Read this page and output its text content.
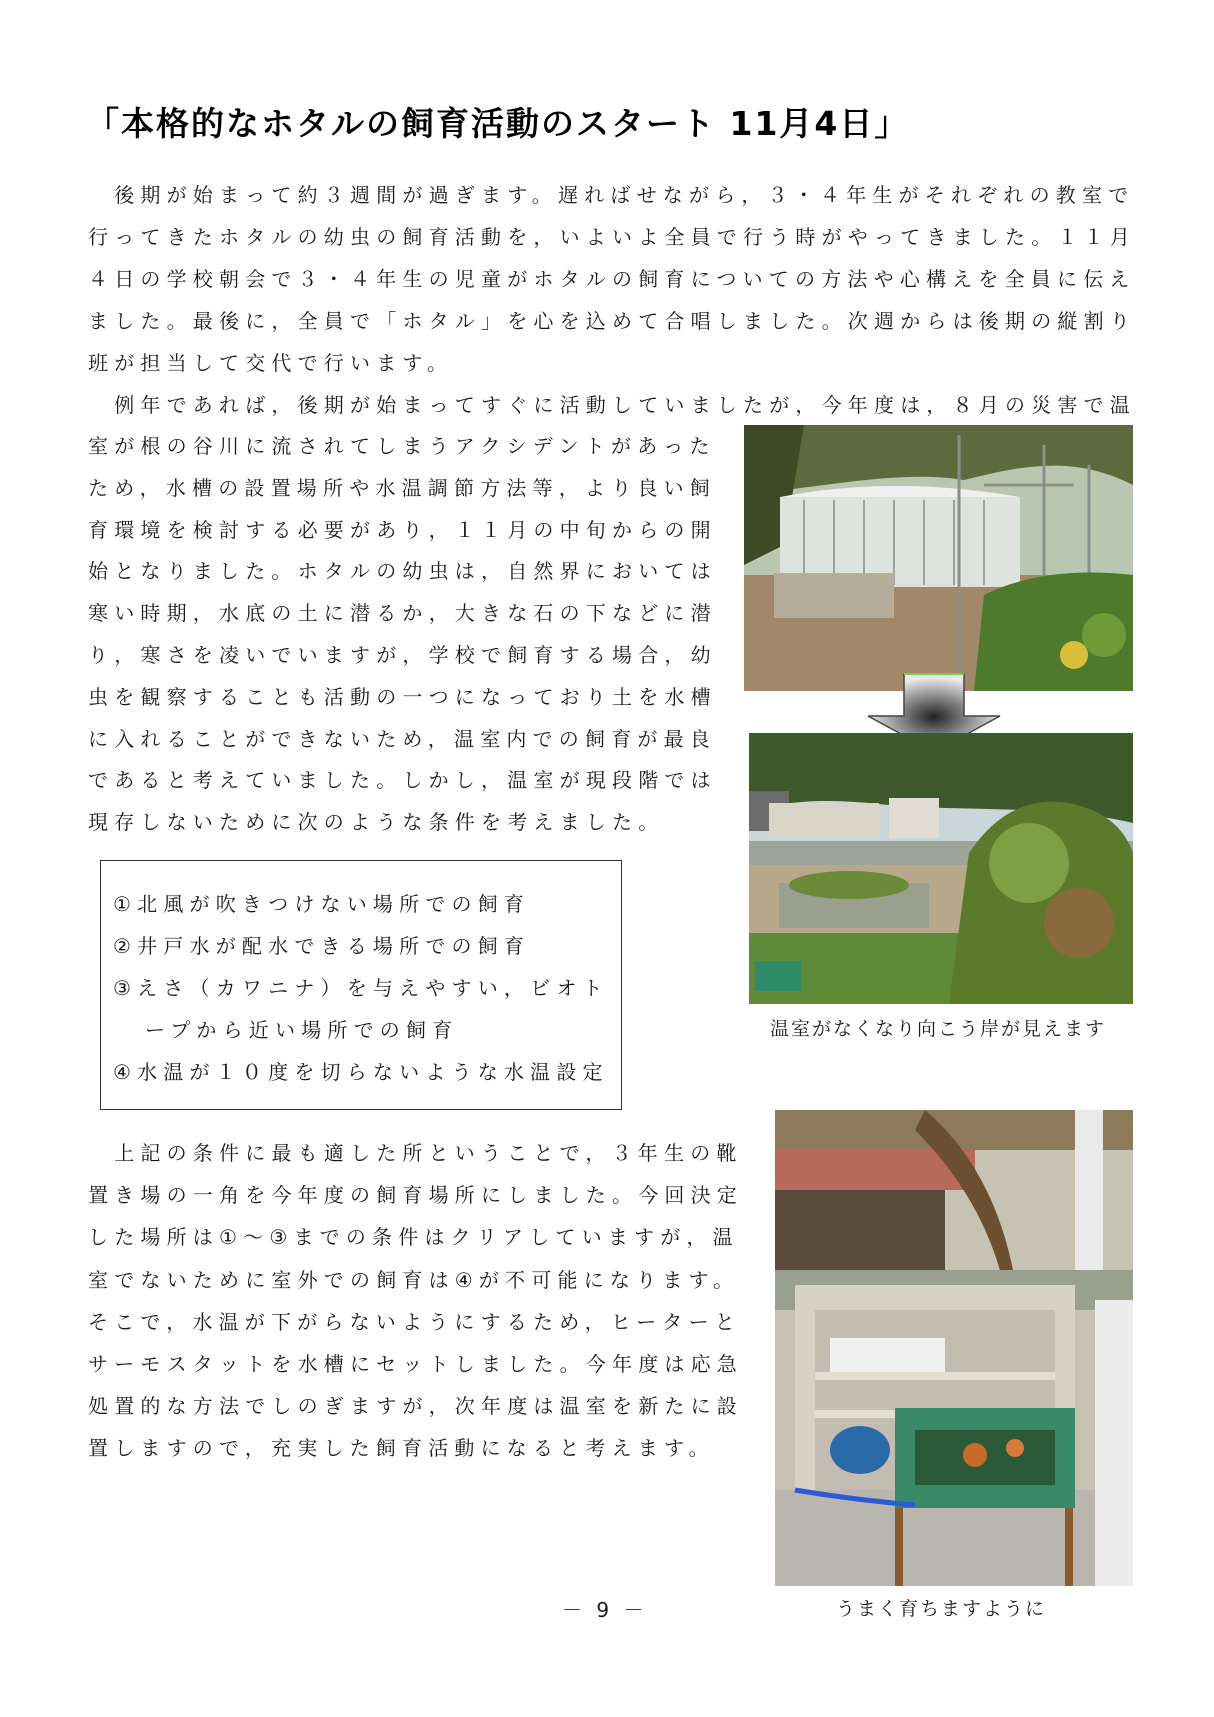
「本格的なホタルの飼育活動のスタート 11月4日」

　後期が始まって約３週間が過ぎます。遅ればせながら，３・４年生がそれぞれの教室で

行ってきたホタルの幼虫の飼育活動を，いよいよ全員で行う時がやってきました。１１月

４日の学校朝会で３・４年生の児童がホタルの飼育についての方法や心構えを全員に伝え

ました。最後に，全員で「ホタル」を心を込めて合唱しました。次週からは後期の縦割り

班が担当して交代で行います。

　例年であれば，後期が始まってすぐに活動していましたが，今年度は，８月の災害で温

室が根の谷川に流されてしまうアクシデントがあった

ため，水槽の設置場所や水温調節方法等，より良い飼

育環境を検討する必要があり，１１月の中旬からの開

始となりました。ホタルの幼虫は，自然界においては

寒い時期，水底の土に潜るか，大きな石の下などに潜

り，寒さを凌いでいますが，学校で飼育する場合，幼

虫を観察することも活動の一つになっており土を水槽

に入れることができないため，温室内での飼育が最良

であると考えていました。しかし，温室が現段階では

現存しないために次のような条件を考えました。

①北風が吹きつけない場所での飼育

②井戸水が配水できる場所での飼育

③えさ（カワニナ）を与えやすい，ビオト

ープから近い場所での飼育

④水温が１０度を切らないような水温設定

　上記の条件に最も適した所ということで，３年生の靴

置き場の一角を今年度の飼育場所にしました。今回決定

した場所は①～③までの条件はクリアしていますが，温

室でないために室外での飼育は④が不可能になります。

そこで，水温が下がらないようにするため，ヒーターと

サーモスタットを水槽にセットしました。今年度は応急

処置的な方法でしのぎますが，次年度は温室を新たに設

置しますので，充実した飼育活動になると考えます。

温室がなくなり向こう岸が見えます
うまく育ちますように
－ 9 －
